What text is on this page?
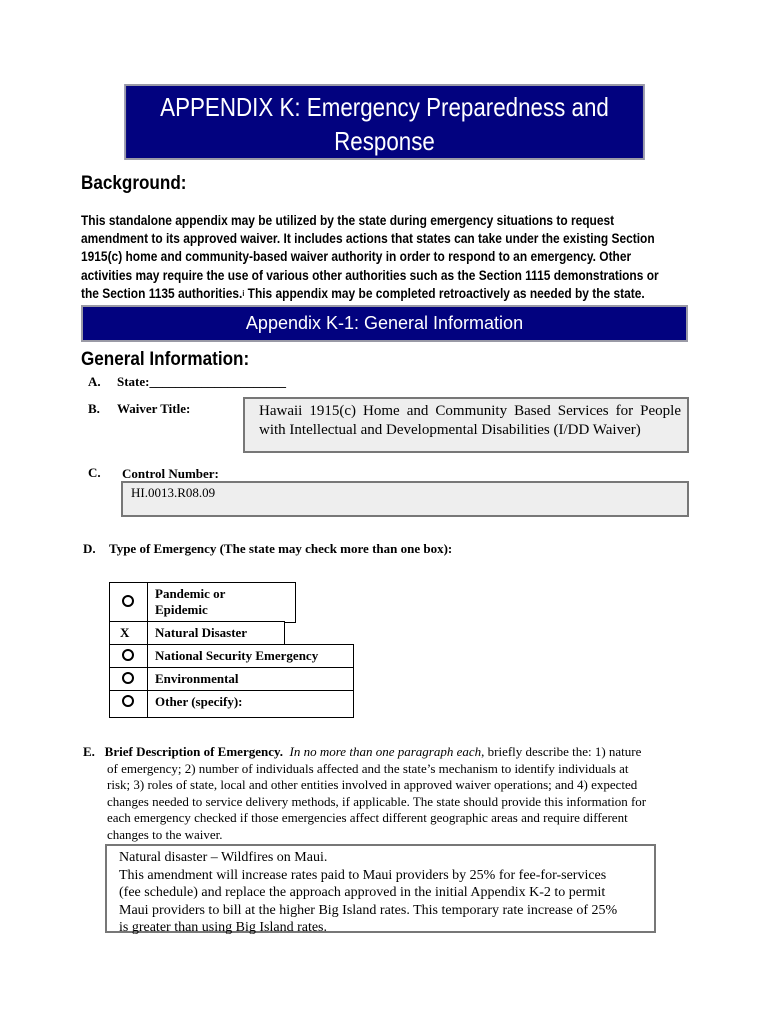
APPENDIX K: Emergency Preparedness and
Response
Background:
This standalone appendix may be utilized by the state during emergency situations to request
amendment to its approved waiver. It includes actions that states can take under the existing Section
1915(c) home and community-based waiver authority in order to respond to an emergency. Other
activities may require the use of various other authorities such as the Section 1115 demonstrations or
the Section 1135 authorities.$^i$ This appendix may be completed retroactively as needed by the state.
Appendix K-1: General Information
General Information:
A. State:_____________________
B. Waiver Title:	Hawaii 1915(c) Home and Community Based Services for People with Intellectual and Developmental Disabilities (I/DD Waiver)
C. Control Number:
HI.0013.R08.09
D. Type of Emergency (The state may check more than one box):
Pandemic or
Epidemic
X	Natural Disaster
National Security Emergency
Environmental
Other (specify):
E. Brief Description of Emergency. In no more than one paragraph each, briefly describe the: 1) nature
of emergency; 2) number of individuals affected and the state’s mechanism to identify individuals at
risk; 3) roles of state, local and other entities involved in approved waiver operations; and 4) expected
changes needed to service delivery methods, if applicable. The state should provide this information for
each emergency checked if those emergencies affect different geographic areas and require different
changes to the waiver.
Natural disaster – Wildfires on Maui.
This amendment will increase rates paid to Maui providers by 25% for fee-for-services
(fee schedule) and replace the approach approved in the initial Appendix K-2 to permit
Maui providers to bill at the higher Big Island rates. This temporary rate increase of 25%
is greater than using Big Island rates.
